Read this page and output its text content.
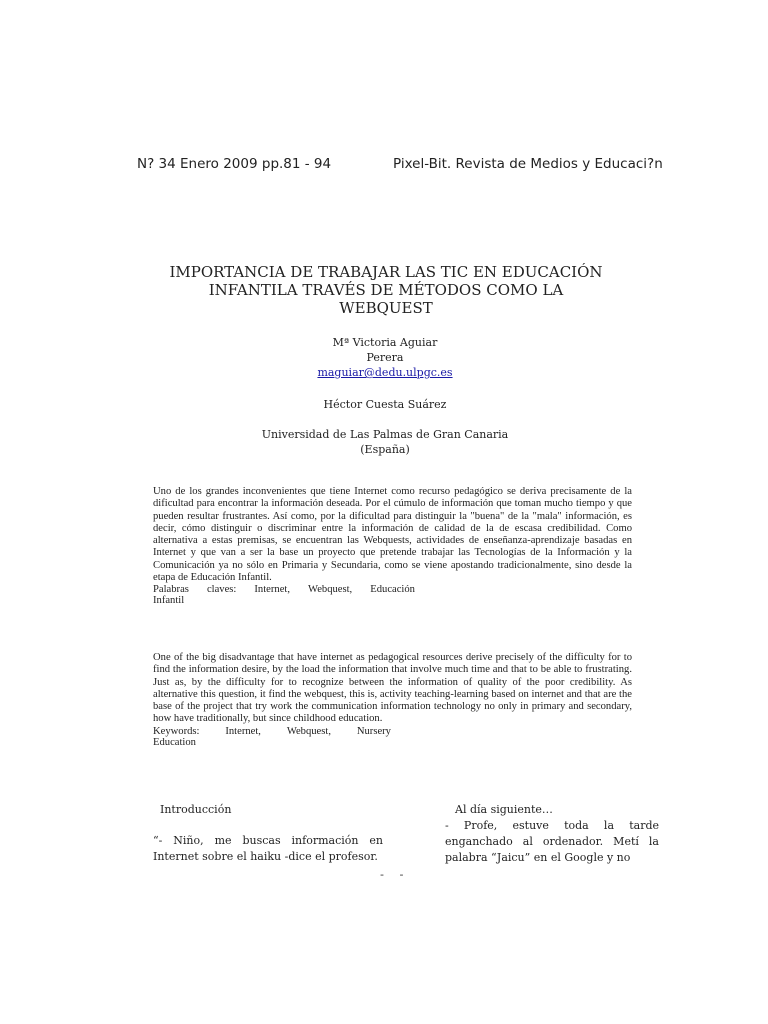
N? 34 Enero 2009 pp.81 - 94	Pixel-Bit. Revista de Medios y Educaci?n
IMPORTANCIA DE TRABAJAR LAS TIC EN EDUCACIÓN
INFANTILA TRAVÉS DE MÉTODOS COMO LA
WEBQUEST
Mª Victoria Aguiar
Perera
maguiar@dedu.ulpgc.es
Héctor Cuesta Suárez
Universidad de Las Palmas de Gran Canaria
(España)
Uno de los grandes inconvenientes que tiene Internet como recurso pedagógico se deriva precisamente de la dificultad para encontrar la información deseada. Por el cúmulo de información que toman mucho tiempo y que pueden resultar frustrantes. Así como, por la dificultad para distinguir la "buena" de la "mala" información, es decir, cómo distinguir o discriminar entre la información de calidad de la de escasa credibilidad. Como alternativa a estas premisas, se encuentran las Webquests, actividades de enseñanza-aprendizaje basadas en Internet y que van a ser la base un proyecto que pretende trabajar las Tecnologías de la Información y la Comunicación ya no sólo en Primaria y Secundaria, como se viene apostando tradicionalmente, sino desde la etapa de Educación Infantil.
Palabras claves: Internet, Webquest, Educación
Infantil
One of the big disadvantage that have internet as pedagogical resources derive precisely of the difficulty for to find the information desire, by the load the information that involve much time and that to be able to frustrating. Just as, by the difficulty for to recognize between the information of quality of the poor credibility. As alternative this question, it find the webquest, this is, activity teaching-learning based on internet and that are the base of the project that try work the communication information technology no only in primary and secondary, how have traditionally, but since childhood education.
Keywords: Internet, Webquest, Nursery
Education
Introducción
“- Niño, me buscas información en Internet sobre el haiku -dice el profesor.
Al día siguiente…
- Profe, estuve toda la tarde enganchado al ordenador. Metí la palabra “Jaicu” en el Google y no
- -
